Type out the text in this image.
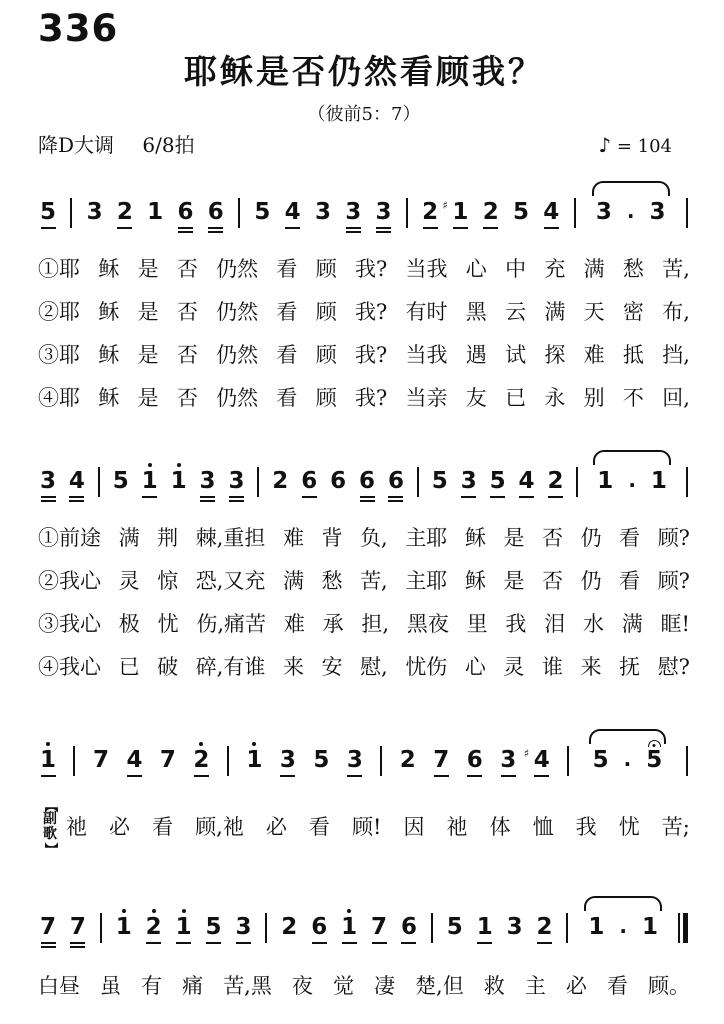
336
耶稣是否仍然看顾我？
（彼前5：7）
降D大调 6/8拍	♪ = 104
5 3 2 1 6 6 5 4 3 3 3 2 ♯ 1 2 5 4 3 · 3
①耶 稣 是 否 仍然 看 顾 我? 当我 心 中 充 满 愁 苦,
②耶 稣 是 否 仍然 看 顾 我? 有时 黑 云 满 天 密 布,
③耶 稣 是 否 仍然 看 顾 我? 当我 遇 试 探 难 抵 挡,
④耶 稣 是 否 仍然 看 顾 我? 当亲 友 已 永 别 不 回,
3 4 5 1 1 3 3 2 6 6 6 6 5 3 5 4 2 1 · 1
①前途 满 荆 棘,重担 难 背 负, 主耶 稣 是 否 仍 看 顾?
②我心 灵 惊 恐,又充 满 愁 苦, 主耶 稣 是 否 仍 看 顾?
③我心 极 忧 伤,痛苦 难 承 担, 黑夜 里 我 泪 水 满 眶!
④我心 已 破 碎,有谁 来 安 慰, 忧伤 心 灵 谁 来 抚 慰?
1 7 4 7 2 1 3 5 3 2 7 6 3 ♯ 4 5 · 5
【
副
歌
】
祂 必 看 顾,祂 必 看 顾! 因 祂 体 恤 我 忧 苦;
7 7 1 2 1 5 3 2 6 1 7 6 5 1 3 2 1 · 1
白昼 虽 有 痛 苦,黑 夜 觉 凄 楚,但 救 主 必 看 顾。
